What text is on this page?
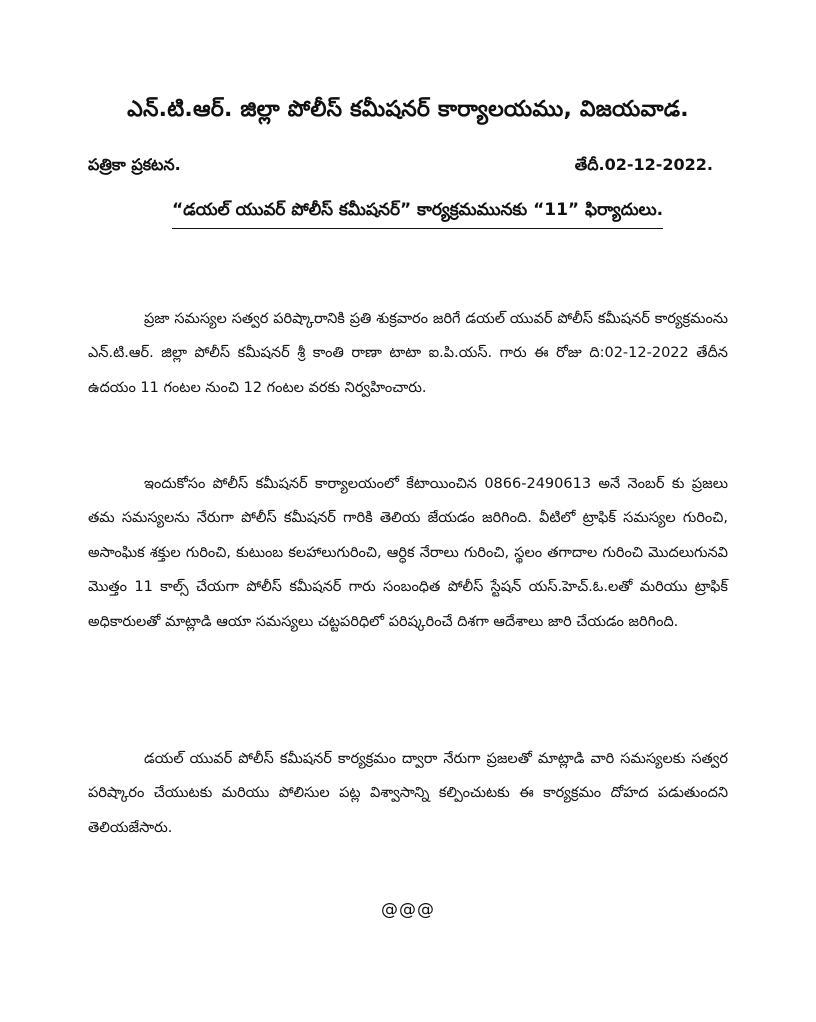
ఎన్.టి.ఆర్. జిల్లా పోలీస్ కమీషనర్ కార్యాలయము, విజయవాడ.
పత్రికా ప్రకటన.	తేదీ.02-12-2022.
“డయల్ యువర్ పోలీస్ కమీషనర్” కార్యక్రమమునకు “11” ఫిర్యాదులు.

ప్రజా సమస్యల సత్వర పరిష్కారానికి ప్రతి శుక్రవారం జరిగే డయల్ యువర్ పోలీస్ కమీషనర్ కార్యక్రమంను ఎన్.టి.ఆర్. జిల్లా పోలీస్ కమీషనర్ శ్రీ కాంతి రాణా టాటా ఐ.పి.యస్. గారు ఈ రోజు ది:02-12-2022 తేదీన ఉదయం 11 గంటల నుంచి 12 గంటల వరకు నిర్వహించారు.

ఇందుకోసం పోలీస్ కమీషనర్ కార్యాలయంలో కేటాయించిన 0866-2490613 అనే నెంబర్ కు ప్రజలు తమ సమస్యలను నేరుగా పోలీస్ కమీషనర్ గారికి తెలియ జేయడం జరిగింది. వీటిలో ట్రాఫిక్ సమస్యల గురించి, అసాంఘిక శక్తుల గురించి, కుటుంబ కలహాలుగురించి, ఆర్ధిక నేరాలు గురించి, స్థలం తగాదాల గురించి మొదలుగునవి మొత్తం 11 కాల్స్ చేయగా పోలీస్ కమీషనర్ గారు సంబంధిత పోలీస్ స్టేషన్ యస్.హెచ్.ఓ.లతో మరియు ట్రాఫిక్ అధికారులతో మాట్లాడి ఆయా సమస్యలు చట్టపరిధిలో పరిష్కరించే దిశగా ఆదేశాలు జారి చేయడం జరిగింది.

డయల్ యువర్ పోలీస్ కమీషనర్ కార్యక్రమం ద్వారా నేరుగా ప్రజలతో మాట్లాడి వారి సమస్యలకు సత్వర పరిష్కారం చేయుటకు మరియు పోలిసుల పట్ల విశ్వాసాన్ని కల్పించుటకు ఈ కార్యక్రమం దోహద పడుతుందని తెలియజేసారు.

@@@
